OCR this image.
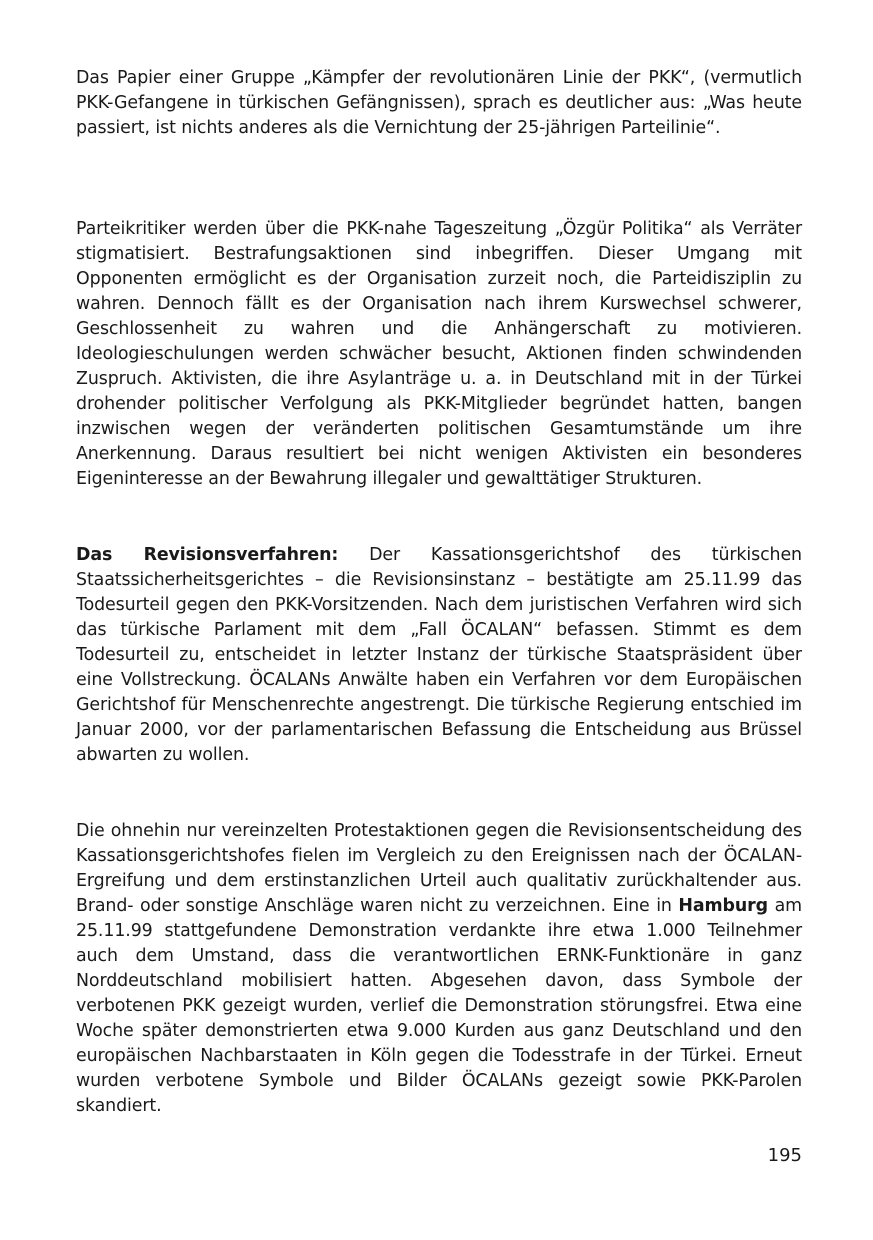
Das Papier einer Gruppe „Kämpfer der revolutionären Linie der PKK“, (vermutlich PKK-Gefangene in türkischen Gefängnissen), sprach es deutlicher aus: „Was heute passiert, ist nichts anderes als die Vernichtung der 25-jährigen Parteilinie“.

Parteikritiker werden über die PKK-nahe Tageszeitung „Özgür Politika“ als Verräter stigmatisiert. Bestrafungsaktionen sind inbegriffen. Dieser Umgang mit Opponenten ermöglicht es der Organisation zurzeit noch, die Parteidisziplin zu wahren. Dennoch fällt es der Organisation nach ihrem Kurswechsel schwerer, Geschlossenheit zu wahren und die Anhängerschaft zu motivieren. Ideologieschulungen werden schwächer besucht, Aktionen finden schwindenden Zuspruch. Aktivisten, die ihre Asylanträge u. a. in Deutschland mit in der Türkei drohender politischer Verfolgung als PKK-Mitglieder begründet hatten, bangen inzwischen wegen der veränderten politischen Gesamtumstände um ihre Anerkennung. Daraus resultiert bei nicht wenigen Aktivisten ein besonderes Eigeninteresse an der Bewahrung illegaler und gewalttätiger Strukturen.

Das Revisionsverfahren: Der Kassationsgerichtshof des türkischen Staatssicherheitsgerichtes – die Revisionsinstanz – bestätigte am 25.11.99 das Todesurteil gegen den PKK-Vorsitzenden. Nach dem juristischen Verfahren wird sich das türkische Parlament mit dem „Fall ÖCALAN“ befassen. Stimmt es dem Todesurteil zu, entscheidet in letzter Instanz der türkische Staatspräsident über eine Vollstreckung. ÖCALANs Anwälte haben ein Verfahren vor dem Europäischen Gerichtshof für Menschenrechte angestrengt. Die türkische Regierung entschied im Januar 2000, vor der parlamentarischen Befassung die Entscheidung aus Brüssel abwarten zu wollen.

Die ohnehin nur vereinzelten Protestaktionen gegen die Revisionsentscheidung des Kassationsgerichtshofes fielen im Vergleich zu den Ereignissen nach der ÖCALAN-Ergreifung und dem erstinstanzlichen Urteil auch qualitativ zurückhaltender aus. Brand- oder sonstige Anschläge waren nicht zu verzeichnen. Eine in Hamburg am 25.11.99 stattgefundene Demonstration verdankte ihre etwa 1.000 Teilnehmer auch dem Umstand, dass die verantwortlichen ERNK-Funktionäre in ganz Norddeutschland mobilisiert hatten. Abgesehen davon, dass Symbole der verbotenen PKK gezeigt wurden, verlief die Demonstration störungsfrei. Etwa eine Woche später demonstrierten etwa 9.000 Kurden aus ganz Deutschland und den europäischen Nachbarstaaten in Köln gegen die Todesstrafe in der Türkei. Erneut wurden verbotene Symbole und Bilder ÖCALANs gezeigt sowie PKK-Parolen skandiert.

195
